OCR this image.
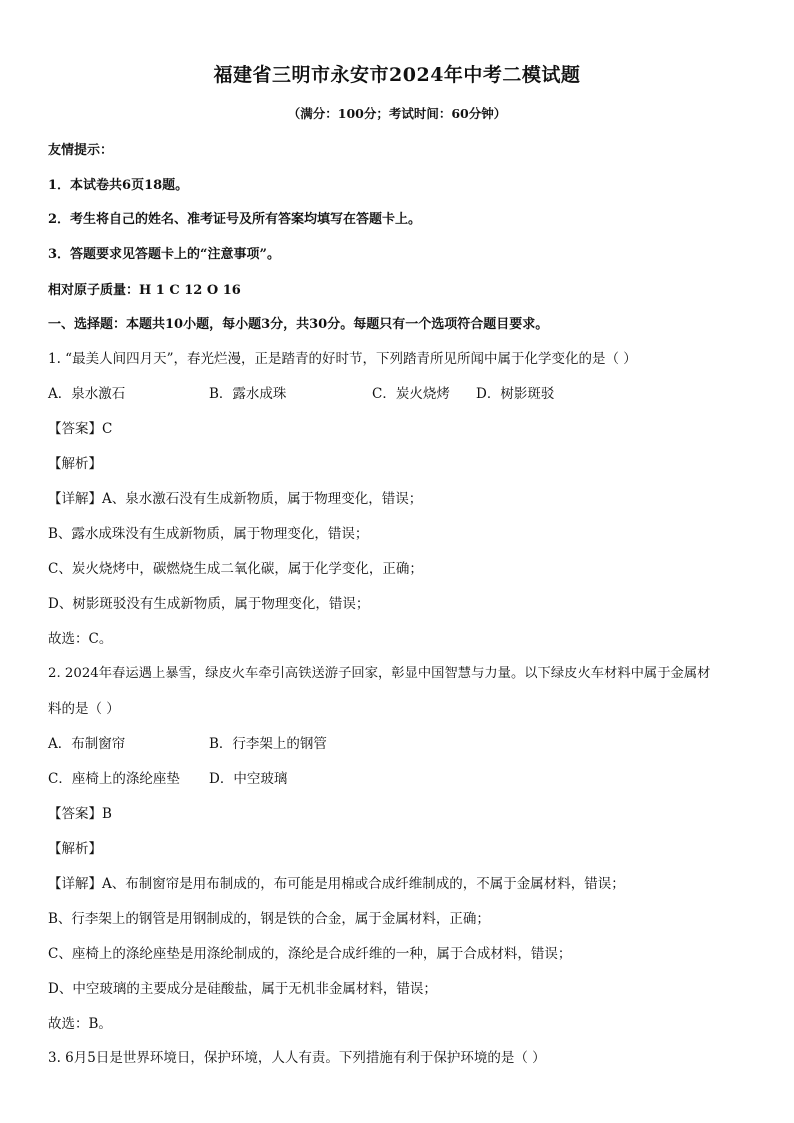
福建省三明市永安市2024年中考二模试题
（满分：100分；考试时间：60分钟）
友情提示：
1．本试卷共6页18题。
2．考生将自己的姓名、准考证号及所有答案均填写在答题卡上。
3．答题要求见答题卡上的“注意事项”。
相对原子质量：H 1 C 12 O 16
一、选择题：本题共10小题，每小题3分，共30分。每题只有一个选项符合题目要求。
1. “最美人间四月天”，春光烂漫，正是踏青的好时节，下列踏青所见所闻中属于化学变化的是（ ）
A．泉水激石	B．露水成珠	C．炭火烧烤 D．树影斑驳
【答案】C
【解析】
【详解】A、泉水激石没有生成新物质，属于物理变化，错误；
B、露水成珠没有生成新物质，属于物理变化，错误；
C、炭火烧烤中，碳燃烧生成二氧化碳，属于化学变化，正确；
D、树影斑驳没有生成新物质，属于物理变化，错误；
故选：C。
2. 2024年春运遇上暴雪，绿皮火车牵引高铁送游子回家，彰显中国智慧与力量。以下绿皮火车材料中属于金属材
料的是（ ）
A．布制窗帘	B．行李架上的钢管
C．座椅上的涤纶座垫 D．中空玻璃
【答案】B
【解析】
【详解】A、布制窗帘是用布制成的，布可能是用棉或合成纤维制成的，不属于金属材料，错误；
B、行李架上的钢管是用钢制成的，钢是铁的合金，属于金属材料，正确；
C、座椅上的涤纶座垫是用涤纶制成的，涤纶是合成纤维的一种，属于合成材料，错误；
D、中空玻璃的主要成分是硅酸盐，属于无机非金属材料，错误；
故选：B。
3. 6月5日是世界环境日，保护环境，人人有责。下列措施有利于保护环境的是（ ）
